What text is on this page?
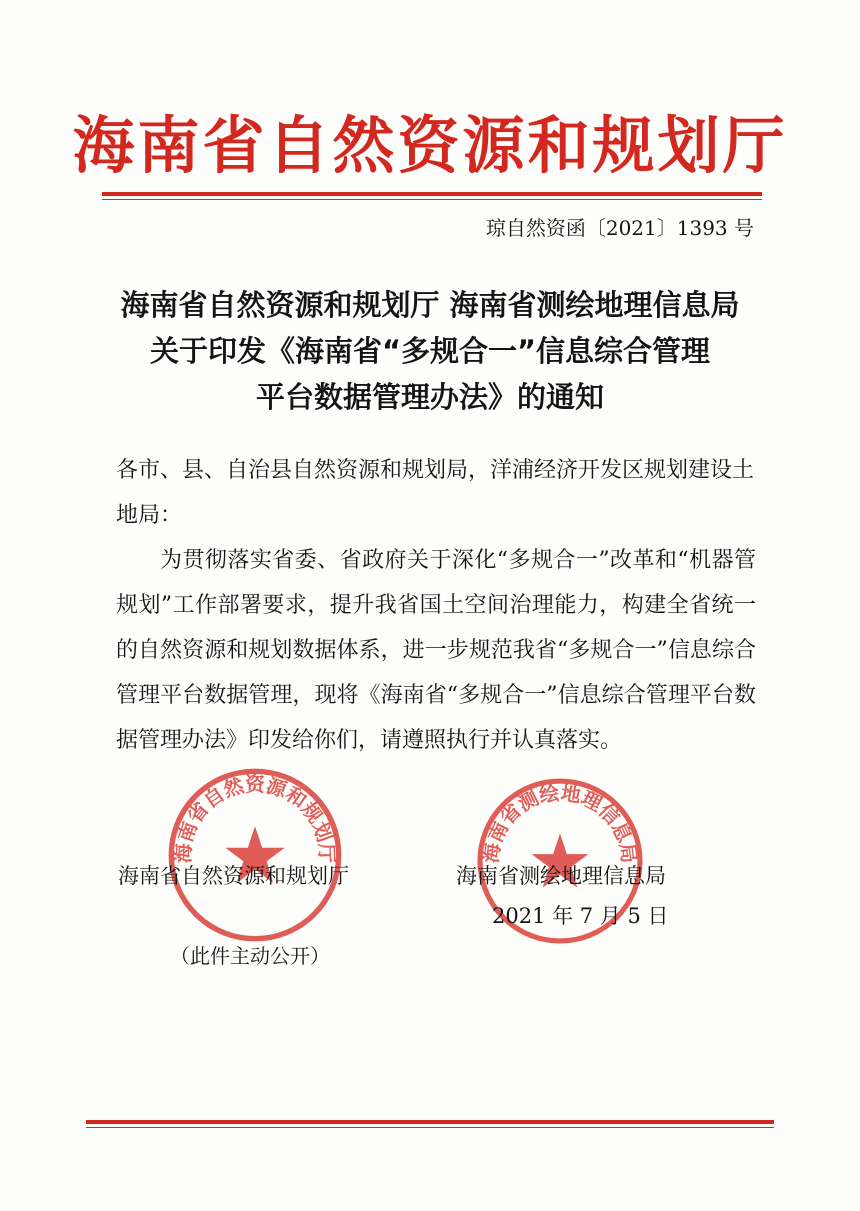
海南省自然资源和规划厅
琼自然资函〔2021〕1393 号
海南省自然资源和规划厅 海南省测绘地理信息局
关于印发《海南省“多规合一”信息综合管理
平台数据管理办法》的通知
各市、县、自治县自然资源和规划局，洋浦经济开发区规划建设土地局：
为贯彻落实省委、省政府关于深化“多规合一”改革和“机器管规划”工作部署要求，提升我省国土空间治理能力，构建全省统一的自然资源和规划数据体系，进一步规范我省“多规合一”信息综合管理平台数据管理，现将《海南省“多规合一”信息综合管理平台数据管理办法》印发给你们，请遵照执行并认真落实。
海南省自然资源和规划厅	海南省测绘地理信息局
海南省自然资源和规划厅	海南省测绘地理信息局
2021 年 7 月 5 日
（此件主动公开）
